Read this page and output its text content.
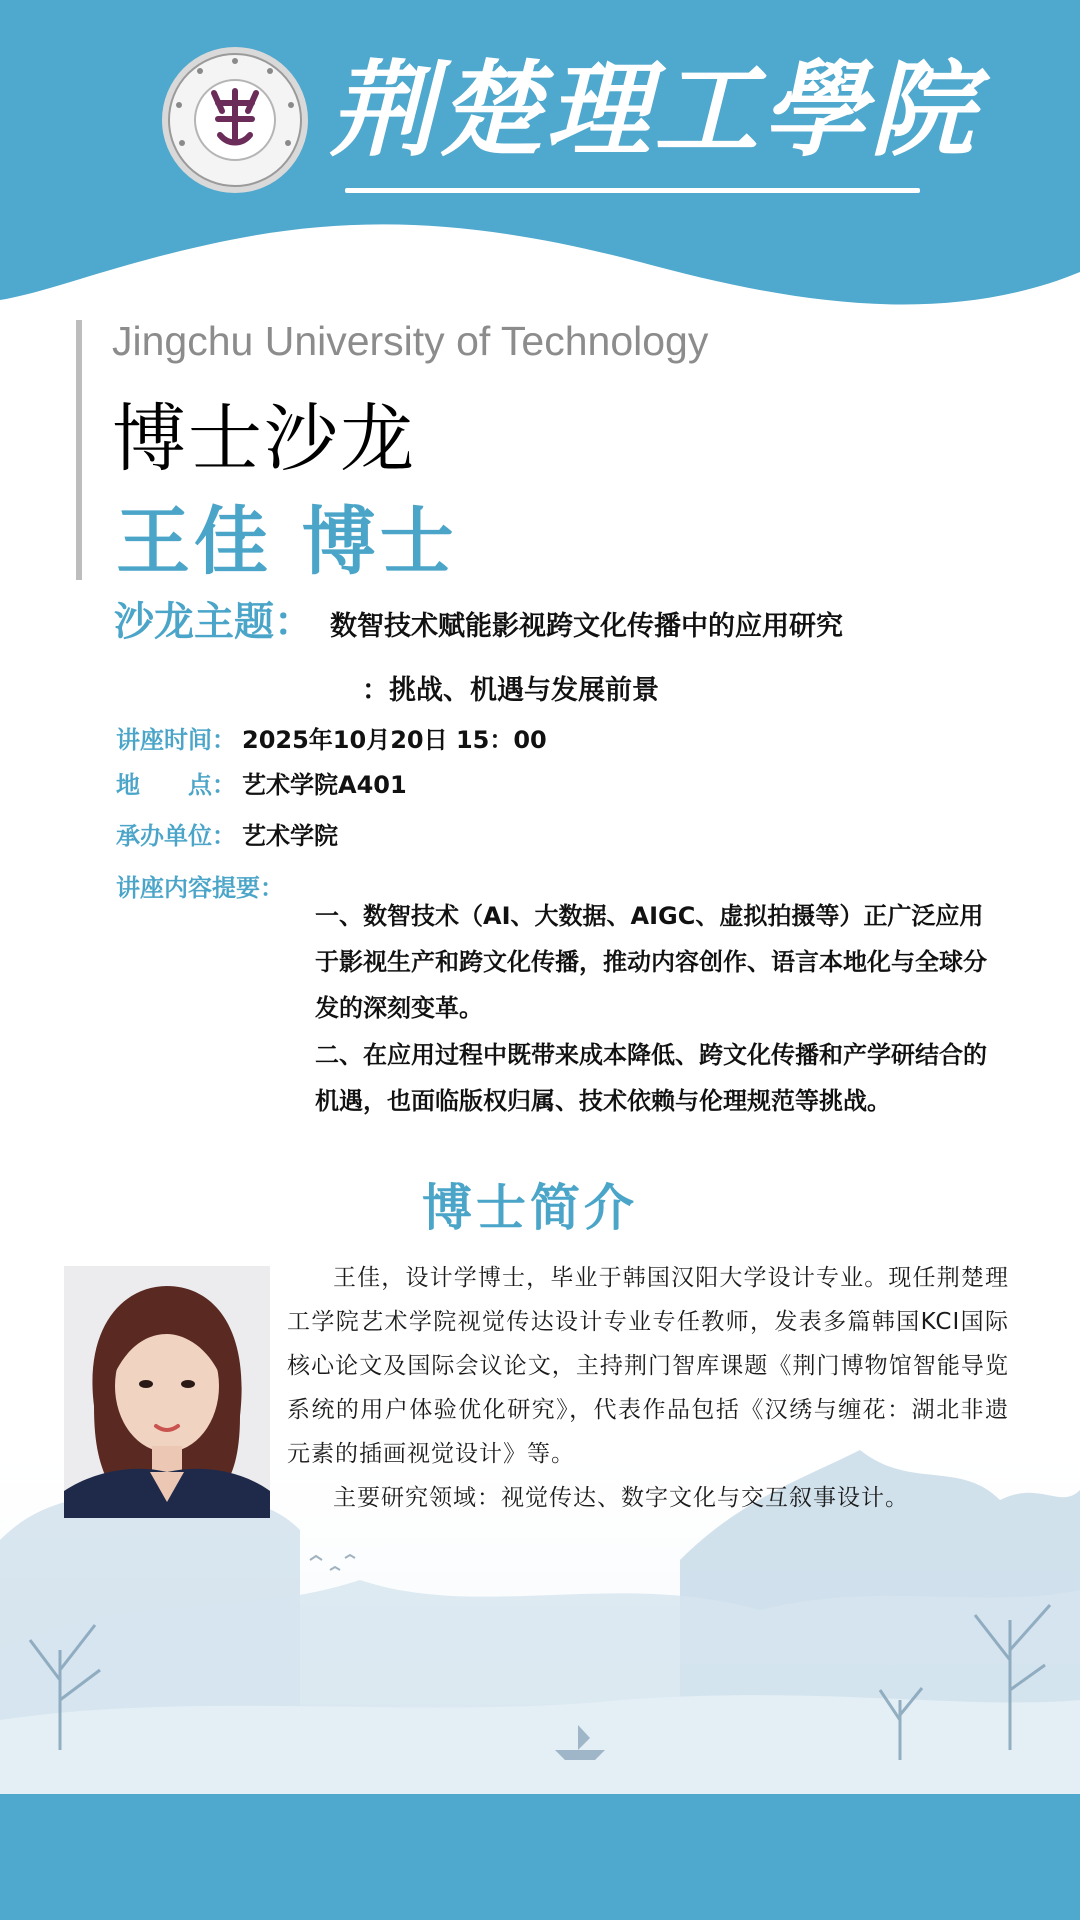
荆楚理工學院
Jingchu University of Technology
博士沙龙
王佳 博士
沙龙主题： 数智技术赋能影视跨文化传播中的应用研究
：挑战、机遇与发展前景
讲座时间： 2025年10月20日 15：00
地　　点： 艺术学院A401
承办单位： 艺术学院
讲座内容提要：
一、数智技术（AI、大数据、AIGC、虚拟拍摄等）正广泛应用于影视生产和跨文化传播，推动内容创作、语言本地化与全球分发的深刻变革。
二、在应用过程中既带来成本降低、跨文化传播和产学研结合的机遇，也面临版权归属、技术依赖与伦理规范等挑战。
博士简介

王佳，设计学博士，毕业于韩国汉阳大学设计专业。现任荆楚理工学院艺术学院视觉传达设计专业专任教师，发表多篇韩国KCI国际核心论文及国际会议论文，主持荆门智库课题《荆门博物馆智能导览系统的用户体验优化研究》，代表作品包括《汉绣与缠花：湖北非遗元素的插画视觉设计》等。

主要研究领域：视觉传达、数字文化与交互叙事设计。
